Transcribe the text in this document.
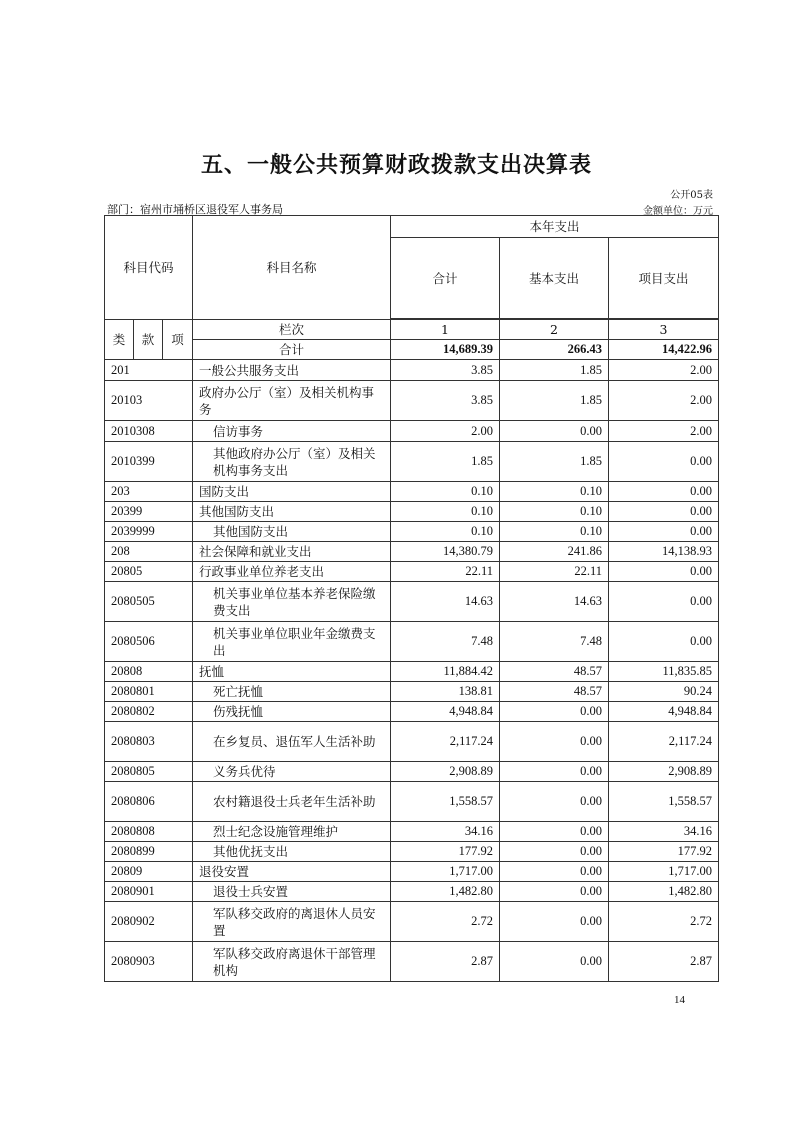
五、一般公共预算财政拨款支出决算表
公开05表
部门：宿州市埇桥区退役军人事务局	金额单位：万元
科目代码			科目名称	本年支出		
				合计	基本支出	项目支出

类	款	项	栏次	1	2	3
			合计	14,689.39	266.43	14,422.96
201			一般公共服务支出	3.85	1.85	2.00
20103			政府办公厅（室）及相关机构事务	3.85	1.85	2.00
2010308			信访事务	2.00	0.00	2.00
2010399			其他政府办公厅（室）及相关机构事务支出	1.85	1.85	0.00
203			国防支出	0.10	0.10	0.00
20399			其他国防支出	0.10	0.10	0.00
2039999			其他国防支出	0.10	0.10	0.00
208			社会保障和就业支出	14,380.79	241.86	14,138.93
20805			行政事业单位养老支出	22.11	22.11	0.00
2080505			机关事业单位基本养老保险缴费支出	14.63	14.63	0.00
2080506			机关事业单位职业年金缴费支出	7.48	7.48	0.00
20808			抚恤	11,884.42	48.57	11,835.85
2080801			死亡抚恤	138.81	48.57	90.24
2080802			伤残抚恤	4,948.84	0.00	4,948.84
2080803			在乡复员、退伍军人生活补助	2,117.24	0.00	2,117.24
2080805			义务兵优待	2,908.89	0.00	2,908.89
2080806			农村籍退役士兵老年生活补助	1,558.57	0.00	1,558.57
2080808			烈士纪念设施管理维护	34.16	0.00	34.16
2080899			其他优抚支出	177.92	0.00	177.92
20809			退役安置	1,717.00	0.00	1,717.00
2080901			退役士兵安置	1,482.80	0.00	1,482.80
2080902			军队移交政府的离退休人员安置	2.72	0.00	2.72
2080903			军队移交政府离退休干部管理机构	2.87	0.00	2.87
14
